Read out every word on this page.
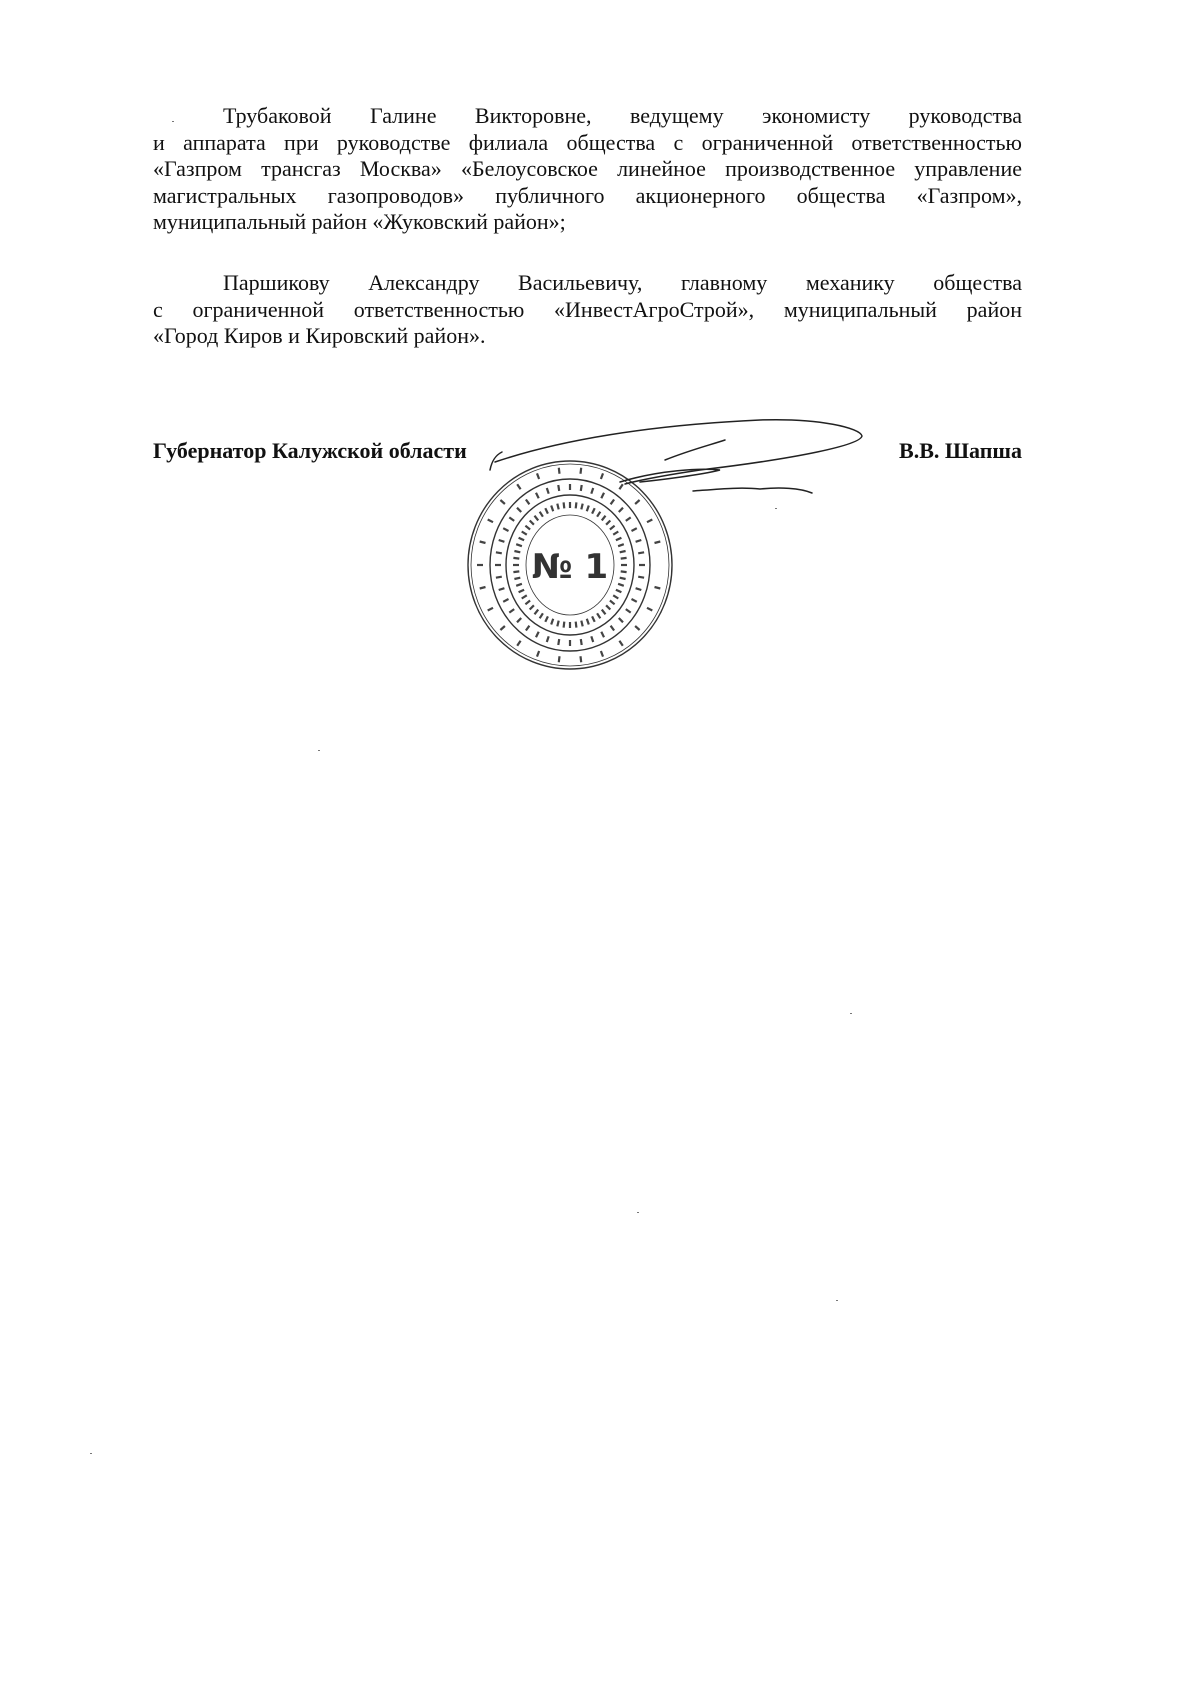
Трубаковой Галине Викторовне, ведущему экономисту руководства
и аппарата при руководстве филиала общества с ограниченной ответственностью
«Газпром трансгаз Москва» «Белоусовское линейное производственное управление
магистральных газопроводов» публичного акционерного общества «Газпром»,
муниципальный район «Жуковский район»;
Паршикову Александру Васильевичу, главному механику общества
с ограниченной ответственностью «ИнвестАгроСтрой», муниципальный район
«Город Киров и Кировский район».
Губернатор Калужской области	В.В. Шапша
№ 1
